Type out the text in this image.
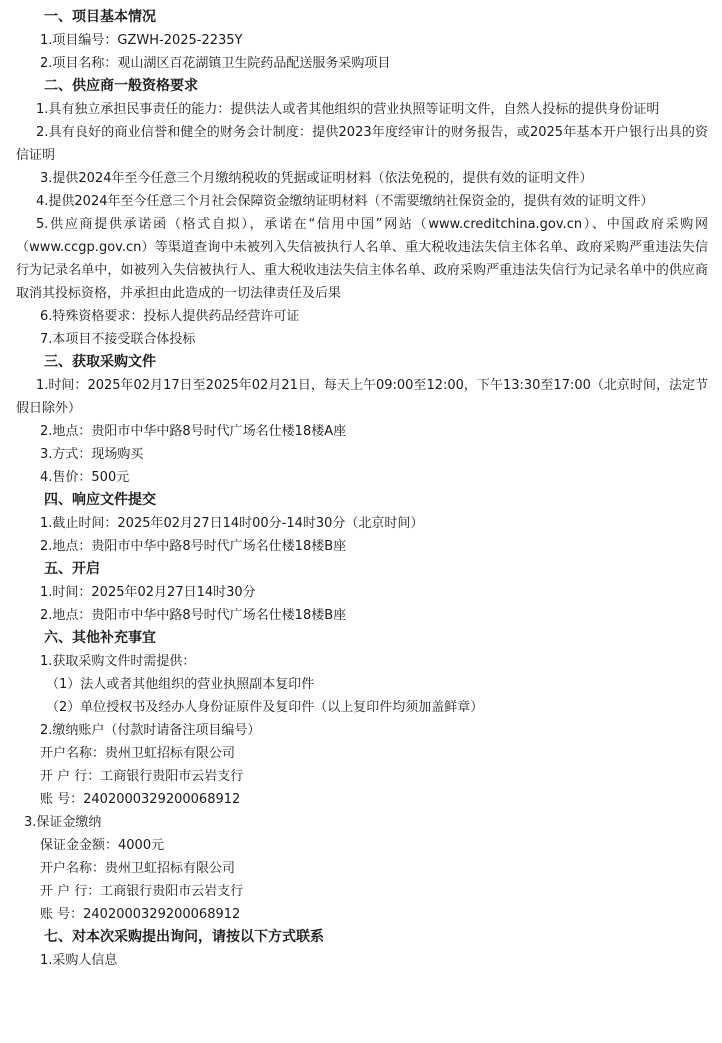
一、项目基本情况
1.项目编号：GZWH-2025-2235Y
2.项目名称：观山湖区百花湖镇卫生院药品配送服务采购项目
二、供应商一般资格要求
1.具有独立承担民事责任的能力：提供法人或者其他组织的营业执照等证明文件，自然人投标的提供身份证明
2.具有良好的商业信誉和健全的财务会计制度：提供2023年度经审计的财务报告，或2025年基本开户银行出具的资信证明
3.提供2024年至今任意三个月缴纳税收的凭据或证明材料（依法免税的，提供有效的证明文件）
4.提供2024年至今任意三个月社会保障资金缴纳证明材料（不需要缴纳社保资金的，提供有效的证明文件）
5.供应商提供承诺函（格式自拟），承诺在“信用中国”网站（www.creditchina.gov.cn）、中国政府采购网（www.ccgp.gov.cn）等渠道查询中未被列入失信被执行人名单、重大税收违法失信主体名单、政府采购严重违法失信行为记录名单中，如被列入失信被执行人、重大税收违法失信主体名单、政府采购严重违法失信行为记录名单中的供应商取消其投标资格，并承担由此造成的一切法律责任及后果
6.特殊资格要求：投标人提供药品经营许可证
7.本项目不接受联合体投标
三、获取采购文件
1.时间：2025年02月17日至2025年02月21日，每天上午09:00至12:00，下午13:30至17:00（北京时间，法定节假日除外）
2.地点：贵阳市中华中路8号时代广场名仕楼18楼A座
3.方式：现场购买
4.售价：500元
四、响应文件提交
1.截止时间：2025年02月27日14时00分-14时30分（北京时间）
2.地点：贵阳市中华中路8号时代广场名仕楼18楼B座
五、开启
1.时间：2025年02月27日14时30分
2.地点：贵阳市中华中路8号时代广场名仕楼18楼B座
六、其他补充事宜
1.获取采购文件时需提供：
（1）法人或者其他组织的营业执照副本复印件
（2）单位授权书及经办人身份证原件及复印件（以上复印件均须加盖鲜章）
2.缴纳账户（付款时请备注项目编号）
开户名称：贵州卫虹招标有限公司
开 户 行：工商银行贵阳市云岩支行
账 号：2402000329200068912
3.保证金缴纳
保证金金额：4000元
开户名称：贵州卫虹招标有限公司
开 户 行：工商银行贵阳市云岩支行
账 号：2402000329200068912
七、对本次采购提出询问，请按以下方式联系
1.采购人信息
